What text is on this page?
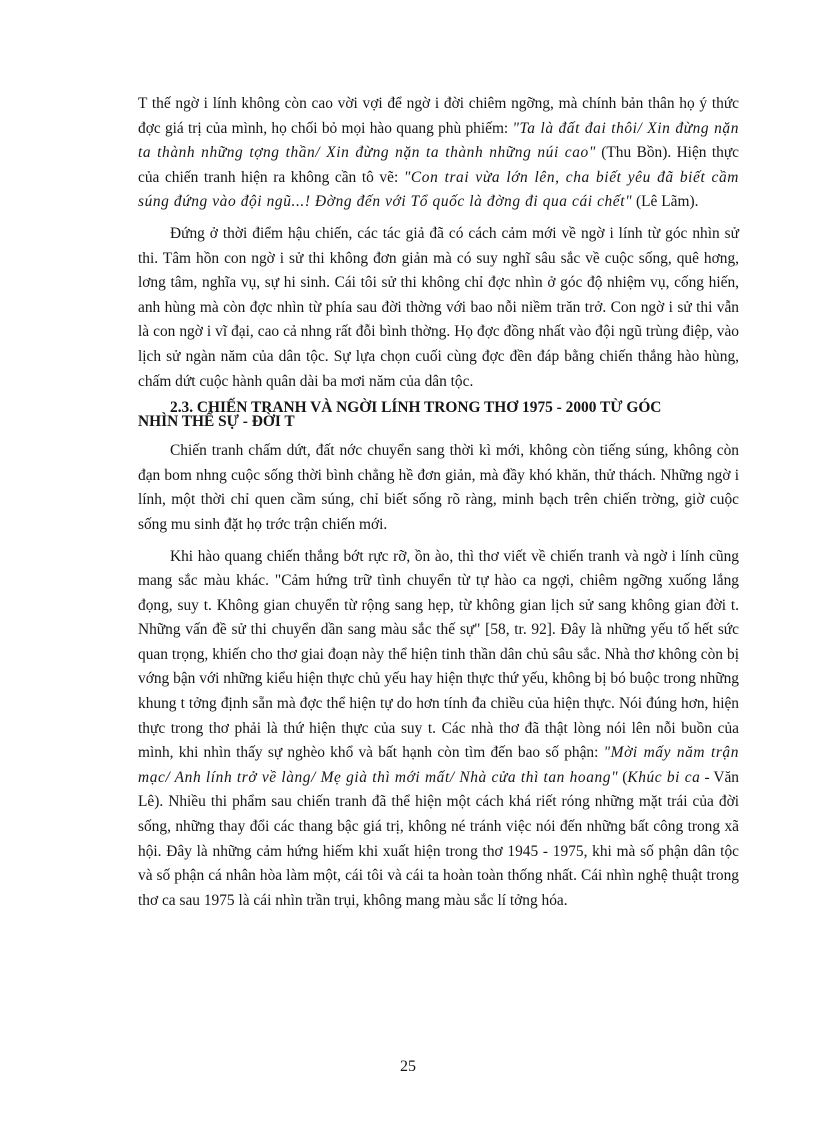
T thế ngờ i lính không còn cao vời vợi để ngờ i đời chiêm ngỡng, mà chính bản thân họ ý thức đợc giá trị của mình, họ chối bỏ mọi hào quang phù phiếm: "Ta là đất đai thôi/ Xin đừng nặn ta thành những tợng thần/ Xin đừng nặn ta thành những núi cao" (Thu Bồn). Hiện thực của chiến tranh hiện ra không cần tô vẽ: "Con trai vừa lớn lên, cha biết yêu đã biết cầm súng đứng vào đội ngũ...! Đờng đến với Tổ quốc là đờng đi qua cái chết" (Lê Lãm).

Đứng ở thời điểm hậu chiến, các tác giả đã có cách cảm mới về ngờ i lính từ góc nhìn sử thi. Tâm hồn con ngờ i sử thi không đơn giản mà có suy nghĩ sâu sắc về cuộc sống, quê hơng, lơng tâm, nghĩa vụ, sự hi sinh. Cái tôi sử thi không chỉ đợc nhìn ở góc độ nhiệm vụ, cống hiến, anh hùng mà còn đợc nhìn từ phía sau đời thờng với bao nỗi niềm trăn trở. Con ngờ i sử thi vẫn là con ngờ i vĩ đại, cao cả nhng rất đỗi bình thờng. Họ đợc đồng nhất vào đội ngũ trùng điệp, vào lịch sử ngàn năm của dân tộc. Sự lựa chọn cuối cùng đợc đền đáp bằng chiến thắng hào hùng, chấm dứt cuộc hành quân dài ba mơi năm của dân tộc.

2.3. CHIẾN TRANH VÀ NGỜI LÍNH TRONG THƠ 1975 - 2000 TỪ GÓC
NHÌN THẾ SỰ - ĐỜI T

Chiến tranh chấm dứt, đất nớc chuyển sang thời kì mới, không còn tiếng súng, không còn đạn bom nhng cuộc sống thời bình chẳng hề đơn giản, mà đầy khó khăn, thử thách. Những ngờ i lính, một thời chỉ quen cầm súng, chỉ biết sống rõ ràng, minh bạch trên chiến trờng, giờ cuộc sống mu sinh đặt họ trớc trận chiến mới.

Khi hào quang chiến thắng bớt rực rỡ, ồn ào, thì thơ viết về chiến tranh và ngờ i lính cũng mang sắc màu khác. "Cảm hứng trữ tình chuyển từ tự hào ca ngợi, chiêm ngỡng xuống lắng đọng, suy t. Không gian chuyển từ rộng sang hẹp, từ không gian lịch sử sang không gian đời t. Những vấn đề sử thi chuyển dần sang màu sắc thế sự" [58, tr. 92]. Đây là những yếu tố hết sức quan trọng, khiến cho thơ giai đoạn này thể hiện tinh thần dân chủ sâu sắc. Nhà thơ không còn bị vớng bận với những kiểu hiện thực chủ yếu hay hiện thực thứ yếu, không bị bó buộc trong những khung t tởng định sẵn mà đợc thể hiện tự do hơn tính đa chiều của hiện thực. Nói đúng hơn, hiện thực trong thơ phải là thứ hiện thực của suy t. Các nhà thơ đã thật lòng nói lên nỗi buồn của mình, khi nhìn thấy sự nghèo khổ và bất hạnh còn tìm đến bao số phận: "Mời mấy năm trận mạc/ Anh lính trở về làng/ Mẹ già thì mới mất/ Nhà cửa thì tan hoang" (Khúc bi ca - Văn Lê). Nhiều thi phẩm sau chiến tranh đã thể hiện một cách khá riết róng những mặt trái của đời sống, những thay đổi các thang bậc giá trị, không né tránh việc nói đến những bất công trong xã hội. Đây là những cảm hứng hiếm khi xuất hiện trong thơ 1945 - 1975, khi mà số phận dân tộc và số phận cá nhân hòa làm một, cái tôi và cái ta hoàn toàn thống nhất. Cái nhìn nghệ thuật trong thơ ca sau 1975 là cái nhìn trần trụi, không mang màu sắc lí tởng hóa.

25
